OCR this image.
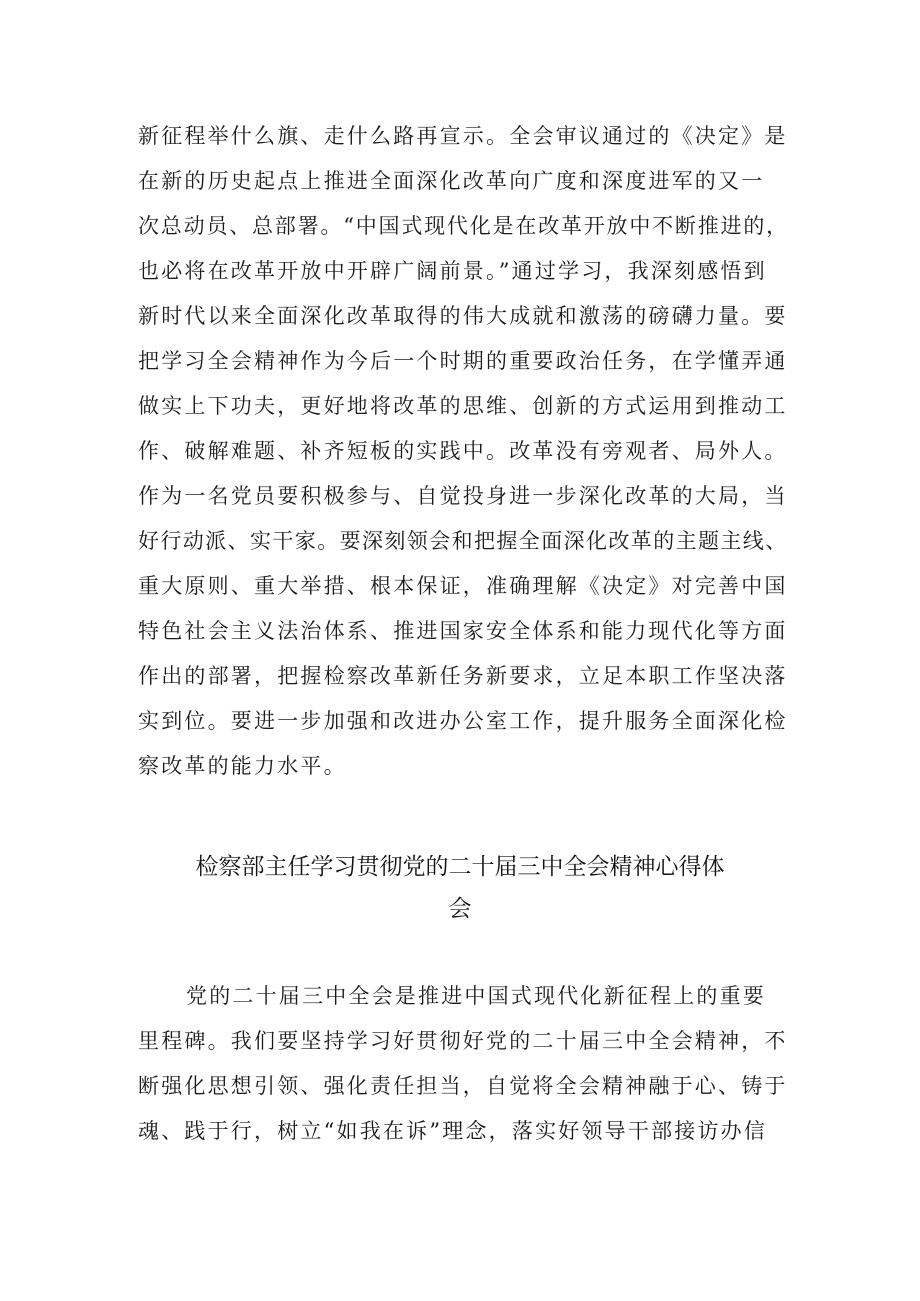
新征程举什么旗、走什么路再宣示。全会审议通过的《决定》是
在新的历史起点上推进全面深化改革向广度和深度进军的又一
次总动员、总部署。“中国式现代化是在改革开放中不断推进的，
也必将在改革开放中开辟广阔前景。”通过学习，我深刻感悟到
新时代以来全面深化改革取得的伟大成就和激荡的磅礴力量。要
把学习全会精神作为今后一个时期的重要政治任务，在学懂弄通
做实上下功夫，更好地将改革的思维、创新的方式运用到推动工
作、破解难题、补齐短板的实践中。改革没有旁观者、局外人。
作为一名党员要积极参与、自觉投身进一步深化改革的大局，当
好行动派、实干家。要深刻领会和把握全面深化改革的主题主线、
重大原则、重大举措、根本保证，准确理解《决定》对完善中国
特色社会主义法治体系、推进国家安全体系和能力现代化等方面
作出的部署，把握检察改革新任务新要求，立足本职工作坚决落
实到位。要进一步加强和改进办公室工作，提升服务全面深化检
察改革的能力水平。
检察部主任学习贯彻党的二十届三中全会精神心得体
会
党的二十届三中全会是推进中国式现代化新征程上的重要
里程碑。我们要坚持学习好贯彻好党的二十届三中全会精神，不
断强化思想引领、强化责任担当，自觉将全会精神融于心、铸于
魂、践于行，树立“如我在诉”理念，落实好领导干部接访办信
